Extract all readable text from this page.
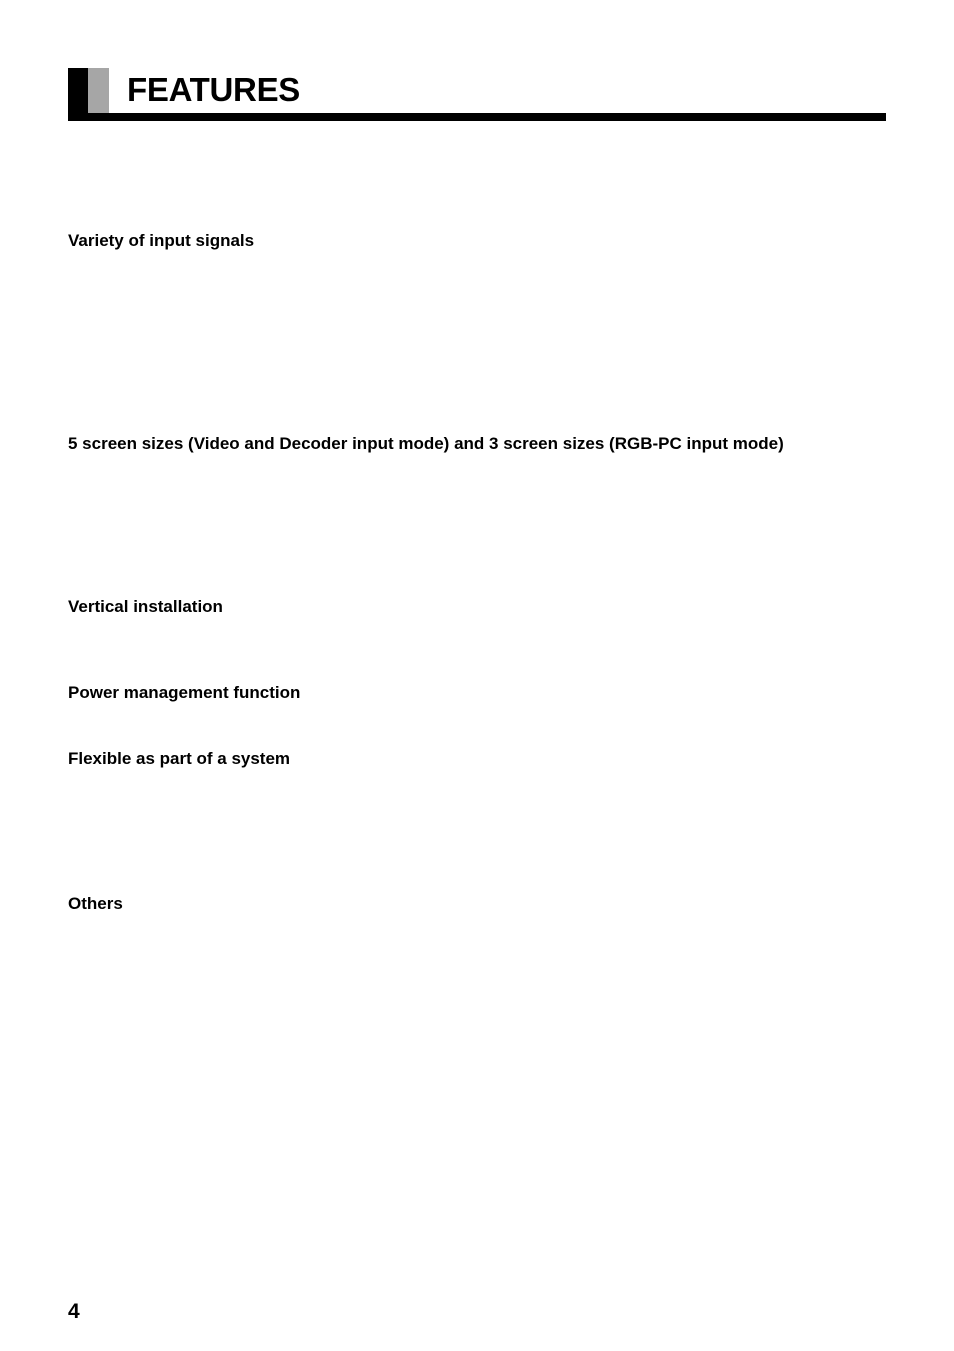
FEATURES
Variety of input signals
5 screen sizes (Video and Decoder input mode) and 3 screen sizes (RGB-PC input mode)
Vertical installation
Power management function
Flexible as part of a system
Others
4
